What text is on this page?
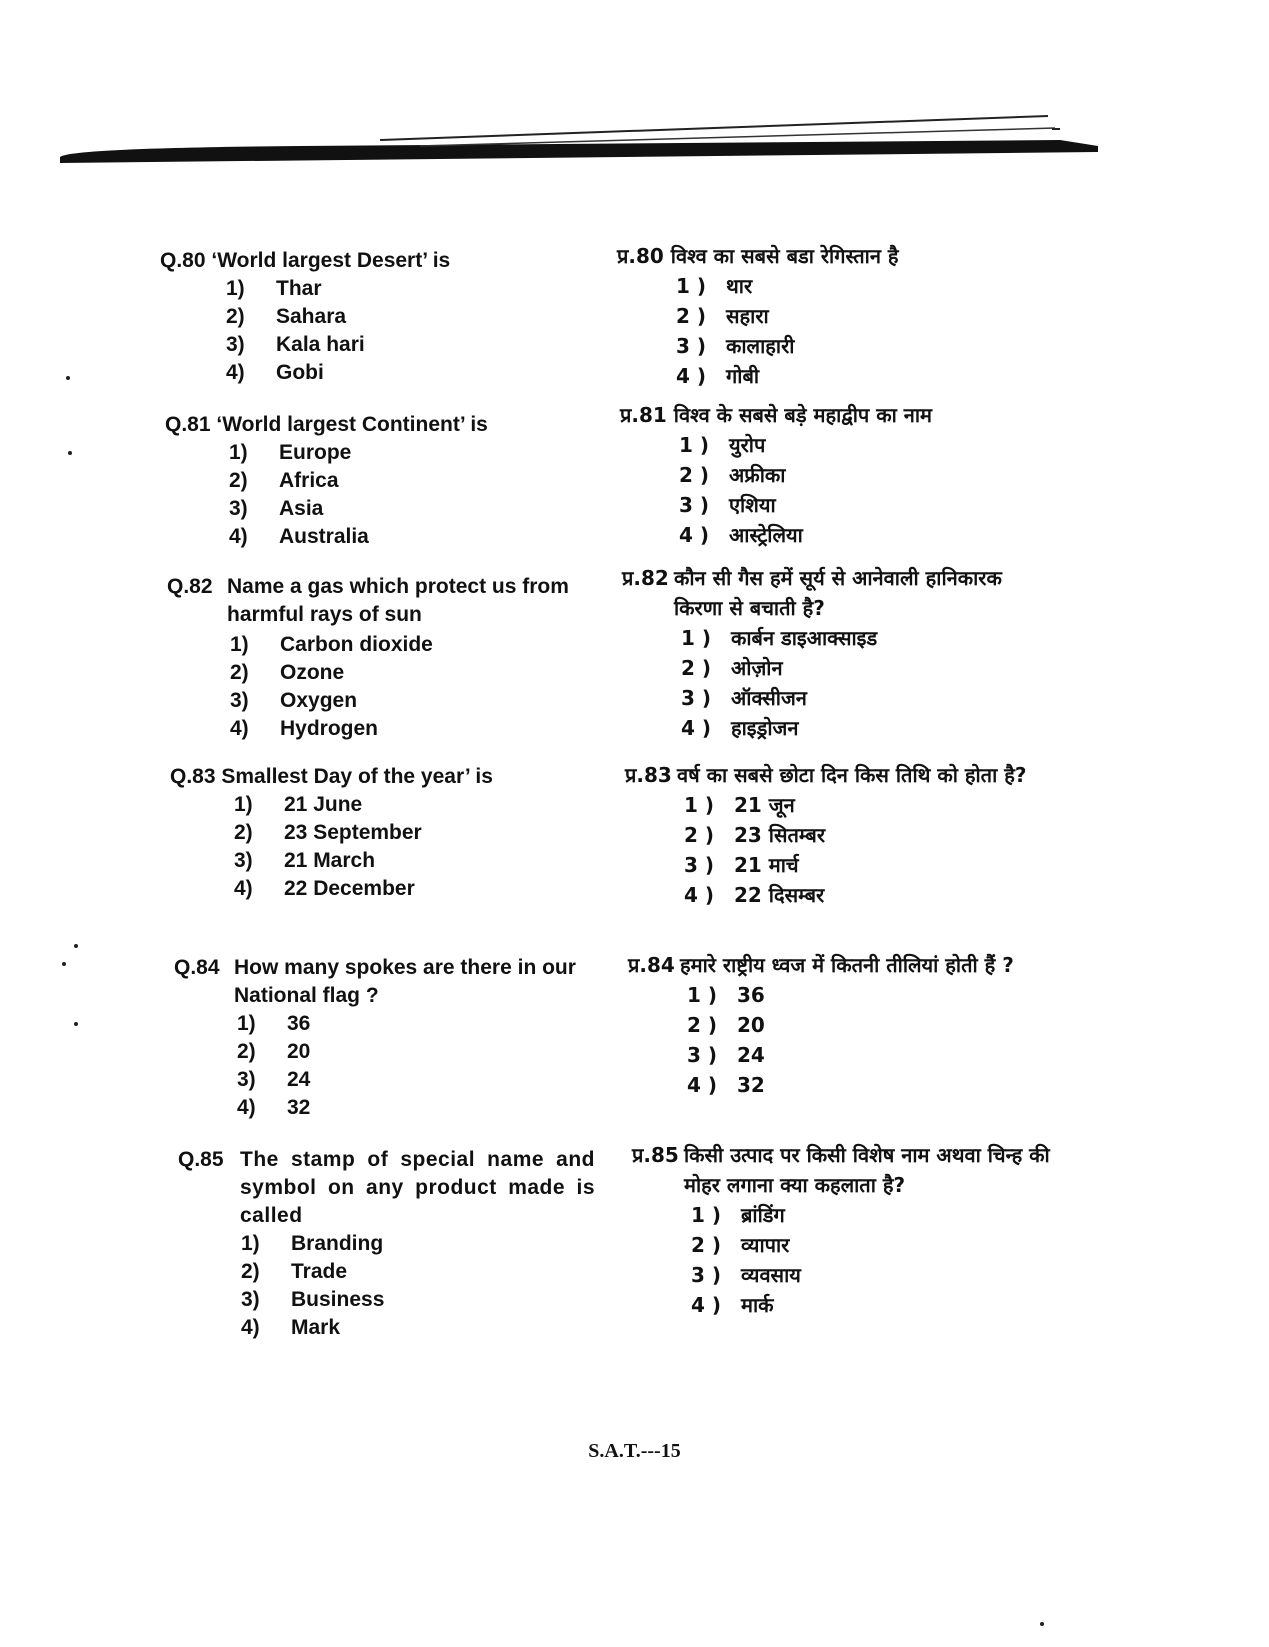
Q.80 ‘World largest Desert’ is
1)	Thar
2)	Sahara
3)	Kala hari
4)	Gobi
Q.81 ‘World largest Continent’ is
1)	Europe
2)	Africa
3)	Asia
4)	Australia
Q.82 Name a gas which protect us from harmful rays of sun
1)	Carbon dioxide
2)	Ozone
3)	Oxygen
4)	Hydrogen
Q.83 Smallest Day of the year’ is
1)	21 June
2)	23 September
3)	21 March
4)	22 December
Q.84 How many spokes are there in our National flag ?
1)	36
2)	20
3)	24
4)	32
Q.85 The stamp of special name and symbol on any product made is called
1)	Branding
2)	Trade
3)	Business
4)	Mark
प्र.80 विश्व का सबसे बडा रेगिस्तान है
1 ) थार
2 ) सहारा
3 ) कालाहारी
4 ) गोबी
प्र.81 विश्व के सबसे बड़े महाद्वीप का नाम
1 ) युरोप
2 ) अफ्रीका
3 ) एशिया
4 ) आस्ट्रेलिया
प्र.82 कौन सी गैस हमें सूर्य से आनेवाली हानिकारक किरणा से बचाती है?
1 ) कार्बन डाइआक्साइड
2 ) ओज़ोन
3 ) ऑक्सीजन
4 ) हाइड्रोजन
प्र.83 वर्ष का सबसे छोटा दिन किस तिथि को होता है?
1 ) 21 जून
2 ) 23 सितम्बर
3 ) 21 मार्च
4 ) 22 दिसम्बर
प्र.84 हमारे राष्ट्रीय ध्वज में कितनी तीलियां होती हैं ?
1 ) 36
2 ) 20
3 ) 24
4 ) 32
प्र.85 किसी उत्पाद पर किसी विशेष नाम अथवा चिन्ह की मोहर लगाना क्या कहलाता है?
1 ) ब्रांडिंग
2 ) व्यापार
3 ) व्यवसाय
4 ) मार्क
S.A.T.---15
